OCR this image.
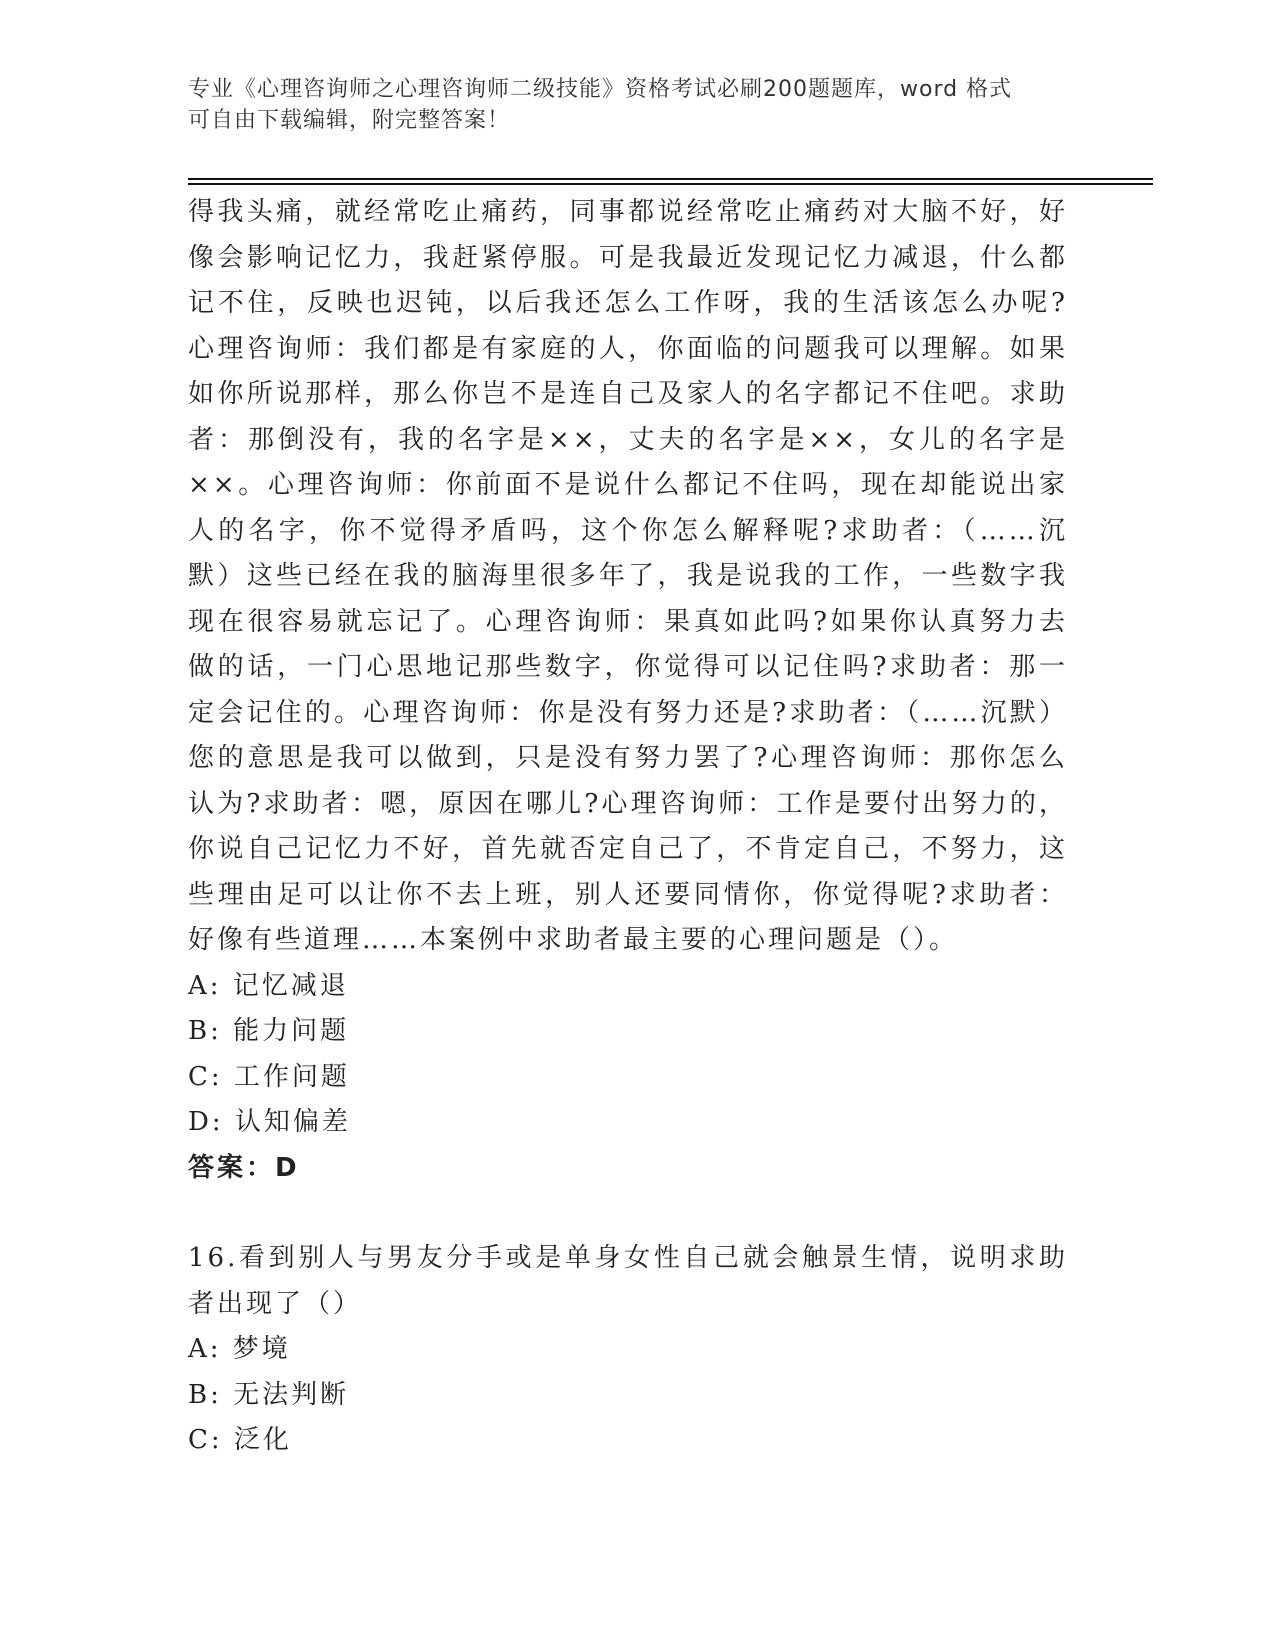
专业《心理咨询师之心理咨询师二级技能》资格考试必刷200题题库，word 格式
可自由下载编辑，附完整答案！

得我头痛，就经常吃止痛药，同事都说经常吃止痛药对大脑不好，好像会影响记忆力，我赶紧停服。可是我最近发现记忆力减退，什么都记不住，反映也迟钝，以后我还怎么工作呀，我的生活该怎么办呢?心理咨询师：我们都是有家庭的人，你面临的问题我可以理解。如果如你所说那样，那么你岂不是连自己及家人的名字都记不住吧。求助者：那倒没有，我的名字是××，丈夫的名字是××，女儿的名字是××。心理咨询师：你前面不是说什么都记不住吗，现在却能说出家人的名字，你不觉得矛盾吗，这个你怎么解释呢?求助者：（……沉默）这些已经在我的脑海里很多年了，我是说我的工作，一些数字我现在很容易就忘记了。心理咨询师：果真如此吗?如果你认真努力去做的话，一门心思地记那些数字，你觉得可以记住吗?求助者：那一定会记住的。心理咨询师：你是没有努力还是?求助者：（……沉默）您的意思是我可以做到，只是没有努力罢了?心理咨询师：那你怎么认为?求助者：嗯，原因在哪儿?心理咨询师：工作是要付出努力的，你说自己记忆力不好，首先就否定自己了，不肯定自己，不努力，这些理由足可以让你不去上班，别人还要同情你，你觉得呢?求助者：好像有些道理……本案例中求助者最主要的心理问题是（）。

A: 记忆减退

B: 能力问题

C: 工作问题

D: 认知偏差

答案：D

16.看到别人与男友分手或是单身女性自己就会触景生情，说明求助者出现了（）

A: 梦境

B: 无法判断

C: 泛化
